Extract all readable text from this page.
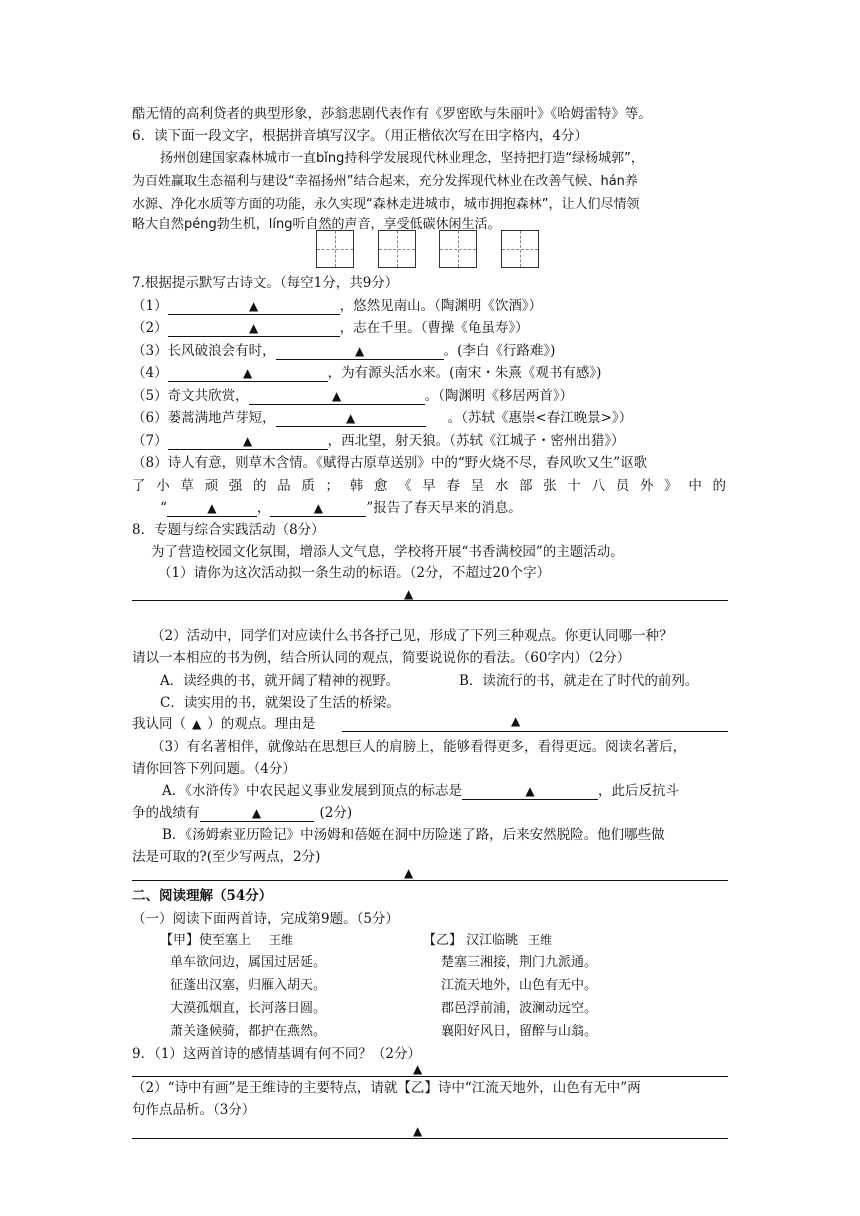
酷无情的高利贷者的典型形象，莎翁悲剧代表作有《罗密欧与朱丽叶》《哈姆雷特》等。
6．读下面一段文字，根据拼音填写汉字。（用正楷依次写在田字格内，4分）
扬州创建国家森林城市一直bǐng持科学发展现代林业理念，坚持把打造“绿杨城郭”，
为百姓赢取生态福利与建设“幸福扬州”结合起来，充分发挥现代林业在改善气候、hán养
水源、净化水质等方面的功能，永久实现“森林走进城市，城市拥抱森林”，让人们尽情领
略大自然péng勃生机，líng听自然的声音，享受低碳休闲生活。
7.根据提示默写古诗文。（每空1分，共9分）
（1）	▲	，悠然见南山。（陶渊明《饮酒》）
（2）	▲	，志在千里。（曹操《龟虽寿》）
（3）长风破浪会有时，	▲	。(李白《行路难》)
（4）	▲	，为有源头活水来。(南宋・朱熹《观书有感》)
（5）奇文共欣赏，	▲	。（陶渊明《移居两首》）
（6）蒌蒿满地芦芽短，	▲	。（苏轼《惠崇<春江晚景>》）
（7）	▲	，西北望，射天狼。（苏轼《江城子・密州出猎》）
（8）诗人有意，则草木含情。《赋得古原草送别》中的“野火烧不尽，春风吹又生”讴歌
了 小 草 顽 强 的 品 质 ； 韩 愈 《 早 春 呈 水 部 张 十 八 员 外 》 中 的
“	▲	，	▲	”报告了春天早来的消息。
8．专题与综合实践活动（8分）
为了营造校园文化氛围，增添人文气息，学校将开展“书香满校园”的主题活动。
（1）请你为这次活动拟一条生动的标语。（2分，不超过20个字）
▲
（2）活动中，同学们对应读什么书各抒己见，形成了下列三种观点。你更认同哪一种？
请以一本相应的书为例，结合所认同的观点，简要说说你的看法。（60字内）（2分）
A．读经典的书，就开阔了精神的视野。	B．读流行的书，就走在了时代的前列。
C．读实用的书，就架设了生活的桥梁。
我认同（ ▲ ）的观点。理由是	▲
（3）有名著相伴，就像站在思想巨人的肩膀上，能够看得更多，看得更远。阅读名著后，
请你回答下列问题。（4分）
A．《水浒传》中农民起义事业发展到顶点的标志是	▲	，此后反抗斗
争的战绩有	▲	(2分)
B．《汤姆索亚历险记》中汤姆和蓓姬在洞中历险迷了路，后来安然脱险。他们哪些做
法是可取的?(至少写两点，2分)
▲
二、阅读理解（54分）
（一）阅读下面两首诗，完成第9题。（5分）
【甲】使至塞上 王维	【乙】 汉江临眺 王维
单车欲问边，属国过居延。
征蓬出汉塞，归雁入胡天。
大漠孤烟直，长河落日圆。
萧关逢候骑，都护在燕然。
楚塞三湘接，荆门九派通。
江流天地外，山色有无中。
郡邑浮前浦，波澜动远空。
襄阳好风日，留醉与山翁。
9．（1）这两首诗的感情基调有何不同？（2分）
▲
（2）“诗中有画”是王维诗的主要特点，请就【乙】诗中“江流天地外，山色有无中”两
句作点品析。（3分）
▲
